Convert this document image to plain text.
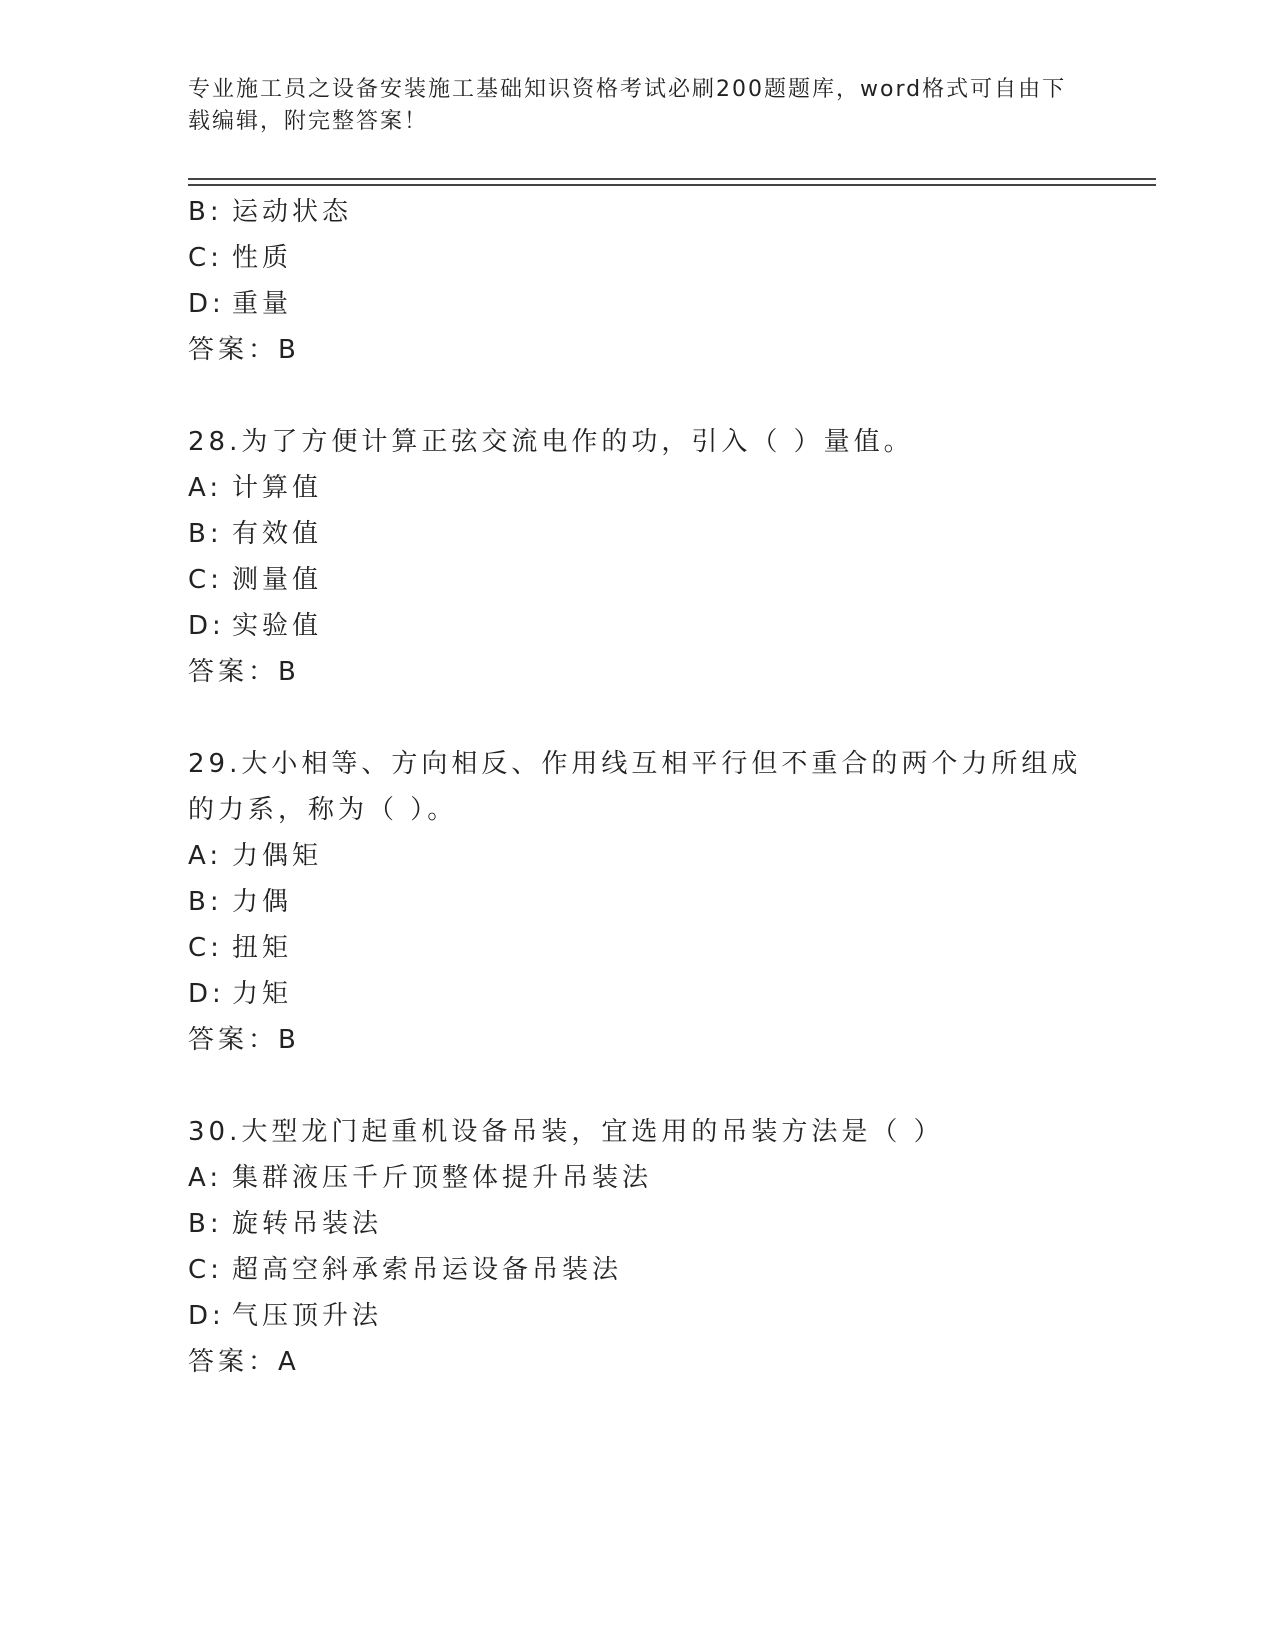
专业施工员之设备安装施工基础知识资格考试必刷200题题库，word格式可自由下载编辑，附完整答案！
B: 运动状态
C: 性质
D: 重量
答案：B
28.为了方便计算正弦交流电作的功，引入（ ）量值。
A: 计算值
B: 有效值
C: 测量值
D: 实验值
答案：B
29.大小相等、方向相反、作用线互相平行但不重合的两个力所组成的力系，称为（ ）。
A: 力偶矩
B: 力偶
C: 扭矩
D: 力矩
答案：B
30.大型龙门起重机设备吊装，宜选用的吊装方法是（ ）
A: 集群液压千斤顶整体提升吊装法
B: 旋转吊装法
C: 超高空斜承索吊运设备吊装法
D: 气压顶升法
答案：A
